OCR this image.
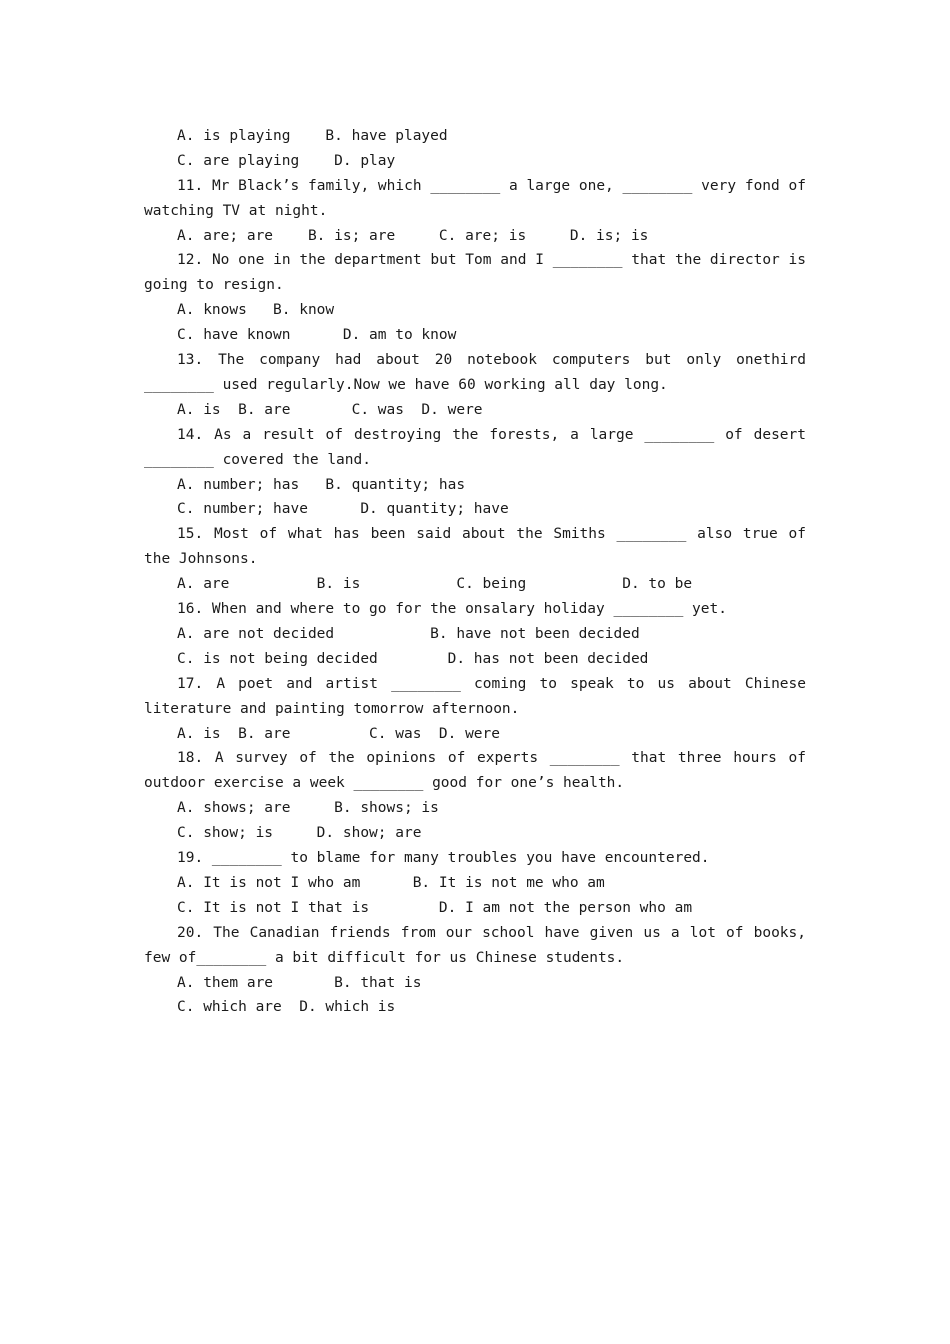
A. is playing    B. have played
C. are playing    D. play
11. Mr Black’s family, which ________ a large one, ________ very fond of watching TV at night.
A. are; are    B. is; are     C. are; is     D. is; is
12. No one in the department but Tom and I ________ that the director is going to resign.
A. knows   B. know
C. have known      D. am to know
13. The company had about 20 notebook computers but only onethird ________ used regularly.Now we have 60 working all day long.
A. is  B. are       C. was  D. were
14. As a result of destroying the forests, a large ________ of desert ________ covered the land.
A. number; has   B. quantity; has
C. number; have      D. quantity; have
15. Most of what has been said about the Smiths ________ also true of the Johnsons.
A. are          B. is           C. being           D. to be
16. When and where to go for the onsalary holiday ________ yet.
A. are not decided           B. have not been decided
C. is not being decided        D. has not been decided
17. A poet and artist ________ coming to speak to us about Chinese literature and painting tomorrow afternoon.
A. is  B. are         C. was  D. were
18. A survey of the opinions of experts ________ that three hours of outdoor exercise a week ________ good for one’s health.
A. shows; are     B. shows; is
C. show; is     D. show; are
19. ________ to blame for many troubles you have encountered.
A. It is not I who am      B. It is not me who am
C. It is not I that is        D. I am not the person who am
20. The Canadian friends from our school have given us a lot of books, few of________ a bit difficult for us Chinese students.
A. them are       B. that is
C. which are  D. which is
